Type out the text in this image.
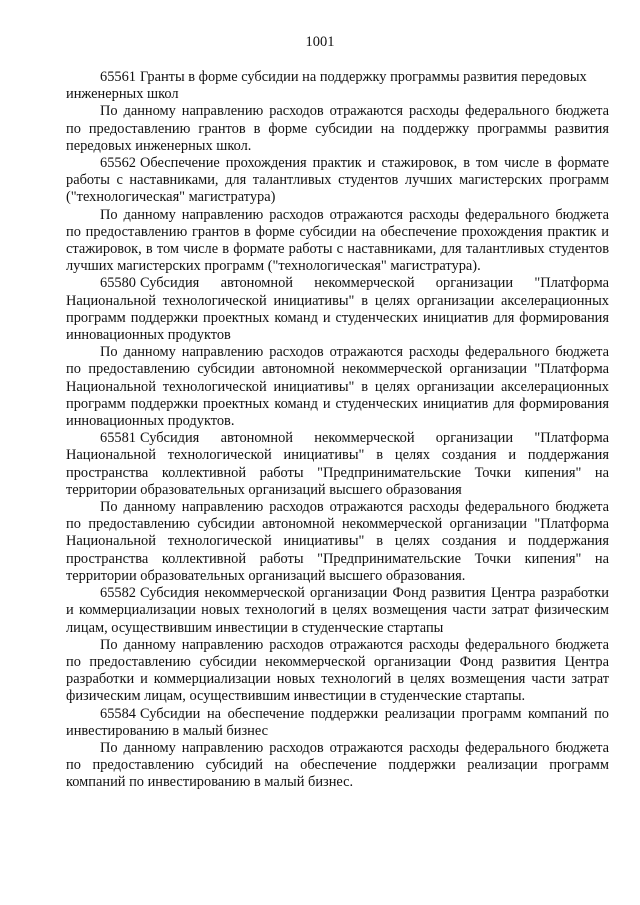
1001

65561 Гранты в форме субсидии на поддержку программы развития передовых инженерных школ

По данному направлению расходов отражаются расходы федерального бюджета по предоставлению грантов в форме субсидии на поддержку программы развития передовых инженерных школ.

65562 Обеспечение прохождения практик и стажировок, в том числе в формате работы с наставниками, для талантливых студентов лучших магистерских программ ("технологическая" магистратура)

По данному направлению расходов отражаются расходы федерального бюджета по предоставлению грантов в форме субсидии на обеспечение прохождения практик и стажировок, в том числе в формате работы с наставниками, для талантливых студентов лучших магистерских программ ("технологическая" магистратура).

65580 Субсидия автономной некоммерческой организации "Платформа Национальной технологической инициативы" в целях организации акселерационных программ поддержки проектных команд и студенческих инициатив для формирования инновационных продуктов

По данному направлению расходов отражаются расходы федерального бюджета по предоставлению субсидии автономной некоммерческой организации "Платформа Национальной технологической инициативы" в целях организации акселерационных программ поддержки проектных команд и студенческих инициатив для формирования инновационных продуктов.

65581 Субсидия автономной некоммерческой организации "Платформа Национальной технологической инициативы" в целях создания и поддержания пространства коллективной работы "Предпринимательские Точки кипения" на территории образовательных организаций высшего образования

По данному направлению расходов отражаются расходы федерального бюджета по предоставлению субсидии автономной некоммерческой организации "Платформа Национальной технологической инициативы" в целях создания и поддержания пространства коллективной работы "Предпринимательские Точки кипения" на территории образовательных организаций высшего образования.

65582 Субсидия некоммерческой организации Фонд развития Центра разработки и коммерциализации новых технологий в целях возмещения части затрат физическим лицам, осуществившим инвестиции в студенческие стартапы

По данному направлению расходов отражаются расходы федерального бюджета по предоставлению субсидии некоммерческой организации Фонд развития Центра разработки и коммерциализации новых технологий в целях возмещения части затрат физическим лицам, осуществившим инвестиции в студенческие стартапы.

65584 Субсидии на обеспечение поддержки реализации программ компаний по инвестированию в малый бизнес

По данному направлению расходов отражаются расходы федерального бюджета по предоставлению субсидий на обеспечение поддержки реализации программ компаний по инвестированию в малый бизнес.
